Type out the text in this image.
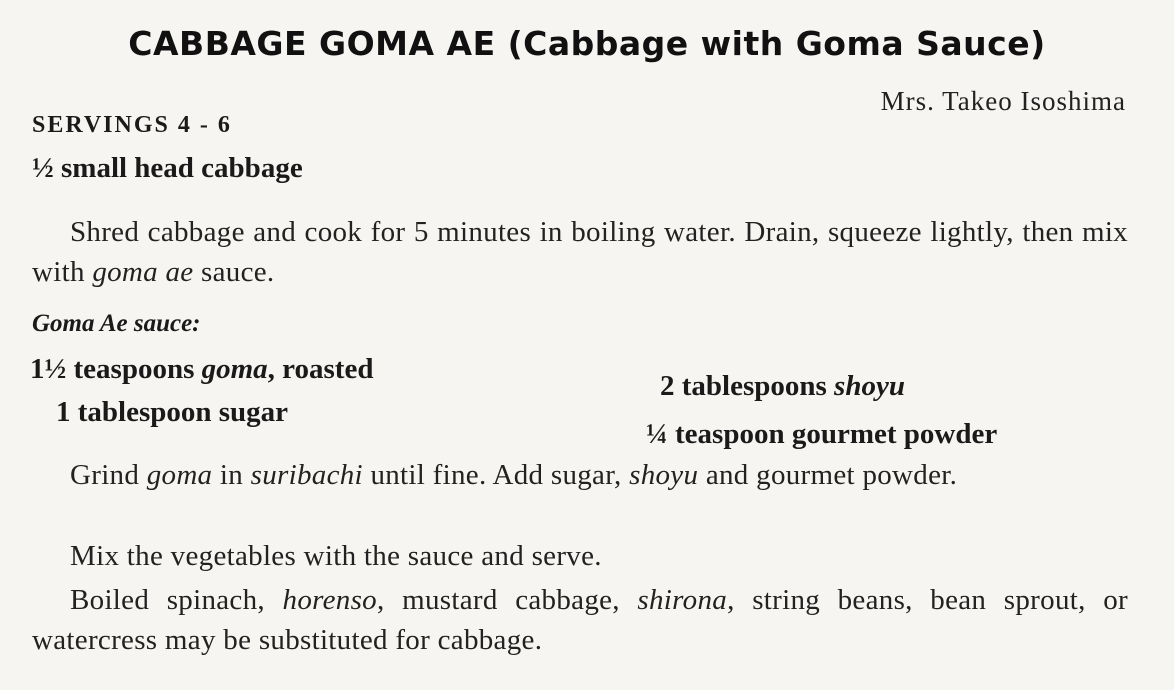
CABBAGE GOMA AE (Cabbage with Goma Sauce)
Mrs. Takeo Isoshima
SERVINGS 4 - 6
½ small head cabbage
Shred cabbage and cook for 5 minutes in boiling water. Drain, squeeze lightly, then mix with goma ae sauce.
Goma Ae sauce:
1½ teaspoons goma, roasted
1 tablespoon sugar
2 tablespoons shoyu
¼ teaspoon gourmet powder
Grind goma in suribachi until fine. Add sugar, shoyu and gourmet powder.
Mix the vegetables with the sauce and serve.
Boiled spinach, horenso, mustard cabbage, shirona, string beans, bean sprout, or watercress may be substituted for cabbage.
